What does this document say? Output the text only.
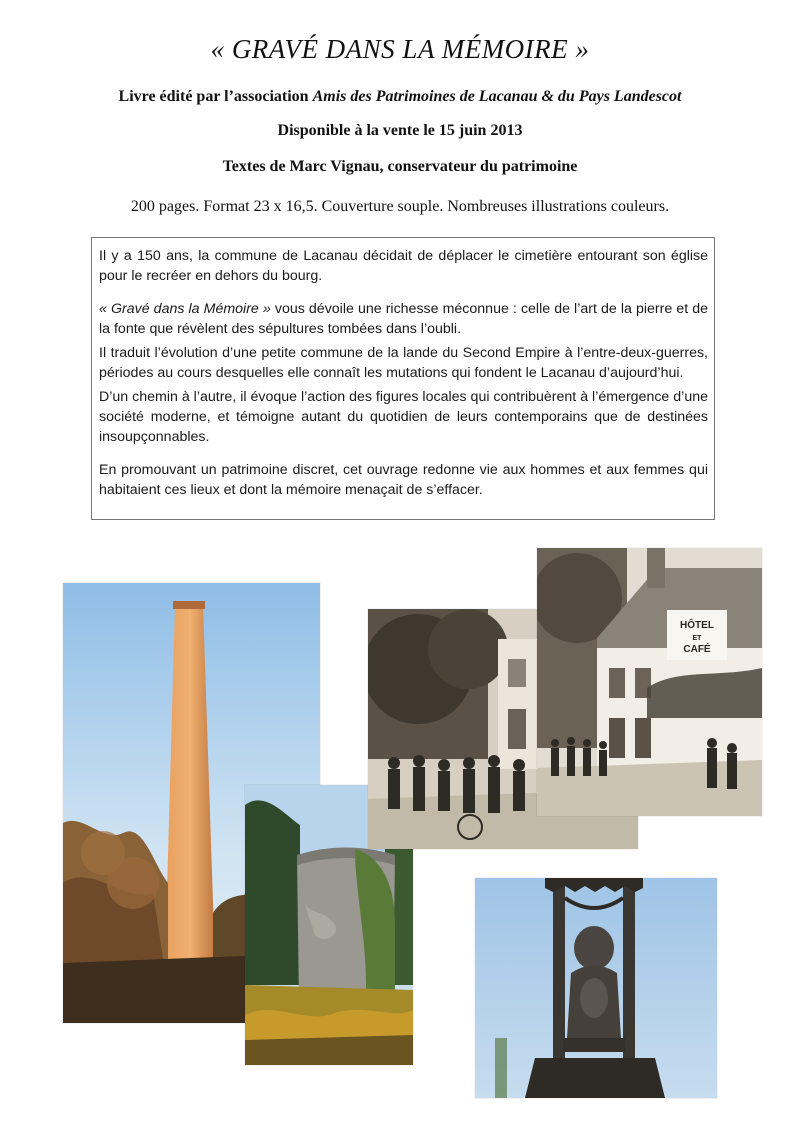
« GRAVÉ DANS LA MÉMOIRE »
Livre édité par l’association Amis des Patrimoines de Lacanau & du Pays Landescot
Disponible à la vente le 15 juin 2013
Textes de Marc Vignau, conservateur du patrimoine
200 pages. Format 23 x 16,5. Couverture souple. Nombreuses illustrations couleurs.

Il y a 150 ans, la commune de Lacanau décidait de déplacer le cimetière entourant son église pour le recréer en dehors du bourg.

« Gravé dans la Mémoire » vous dévoile une richesse méconnue : celle de l’art de la pierre et de la fonte que révèlent des sépultures tombées dans l’oubli.

Il traduit l’évolution d’une petite commune de la lande du Second Empire à l’entre-deux-guerres, périodes au cours desquelles elle connaît les mutations qui fondent le Lacanau d’aujourd’hui.

D’un chemin à l’autre, il évoque l’action des figures locales qui contribuèrent à l’émergence d’une société moderne, et témoigne autant du quotidien de leurs contemporains que de destinées insoupçonnables.

En promouvant un patrimoine discret, cet ouvrage redonne vie aux hommes et aux femmes qui habitaient ces lieux et dont la mémoire menaçait de s’effacer.

HÔTEL
ET
CAFÉ
